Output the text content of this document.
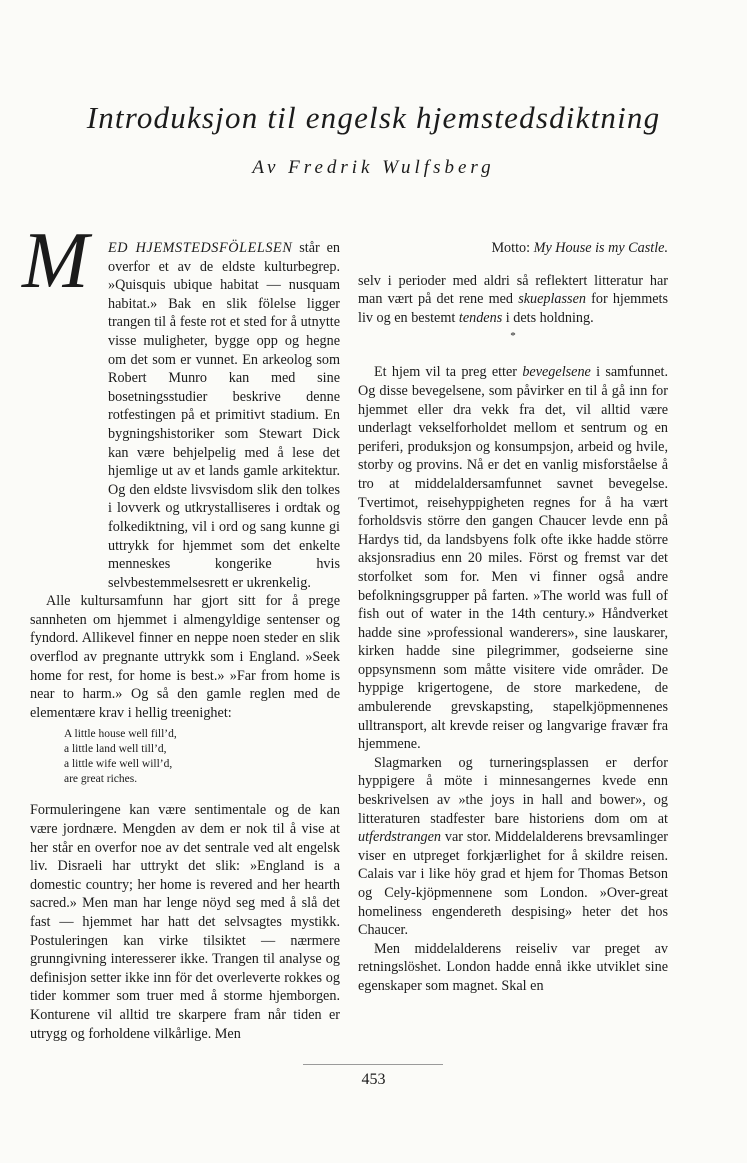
Introduksjon til engelsk hjemstedsdiktning
Av Fredrik Wulfsberg

M ED HJEMSTEDSFÖLELSEN står en overfor et av de eldste kulturbegrep. »Quisquis ubique habitat — nusquam habitat.» Bak en slik fölelse ligger trangen til å feste rot et sted for å utnytte visse muligheter, bygge opp og hegne om det som er vunnet. En arkeolog som Robert Munro kan med sine bosetningsstudier beskrive denne rotfestingen på et primitivt stadium. En bygningshistoriker som Stewart Dick kan være behjelpelig med å lese det hjemlige ut av et lands gamle arkitektur. Og den eldste livsvisdom slik den tolkes i lovverk og utkrystalliseres i ordtak og folkediktning, vil i ord og sang kunne gi uttrykk for hjemmet som det enkelte menneskes kongerike hvis selvbestemmelsesrett er ukrenkelig.

Alle kultursamfunn har gjort sitt for å prege sannheten om hjemmet i almengyldige sentenser og fyndord. Allikevel finner en neppe noen steder en slik overflod av pregnante uttrykk som i England. »Seek home for rest, for home is best.» »Far from home is near to harm.» Og så den gamle reglen med de elementære krav i hellig treenighet:

A little house well fill’d,
a little land well till’d,
a little wife well will’d,
are great riches.

Formuleringene kan være sentimentale og de kan være jordnære. Mengden av dem er nok til å vise at her står en overfor noe av det sentrale ved alt engelsk liv. Disraeli har uttrykt det slik: »England is a domestic country; her home is revered and her hearth sacred.» Men man har lenge nöyd seg med å slå det fast — hjemmet har hatt det selvsagtes mystikk. Postuleringen kan virke tilsiktet — nærmere grunngivning interesserer ikke. Trangen til analyse og definisjon setter ikke inn för det overleverte rokkes og tider kommer som truer med å storme hjemborgen. Konturene vil alltid tre skarpere fram når tiden er utrygg og forholdene vilkårlige. Men

Motto: My House is my Castle.

selv i perioder med aldri så reflektert litteratur har man vært på det rene med skueplassen for hjemmets liv og en bestemt tendens i dets holdning.

*

Et hjem vil ta preg etter bevegelsene i samfunnet. Og disse bevegelsene, som påvirker en til å gå inn for hjemmet eller dra vekk fra det, vil alltid være underlagt vekselforholdet mellom et sentrum og en periferi, produksjon og konsumpsjon, arbeid og hvile, storby og provins. Nå er det en vanlig misforståelse å tro at middelaldersamfunnet savnet bevegelse. Tvertimot, reisehyppigheten regnes for å ha vært forholdsvis större den gangen Chaucer levde enn på Hardys tid, da landsbyens folk ofte ikke hadde större aksjonsradius enn 20 miles. Först og fremst var det storfolket som for. Men vi finner også andre befolkningsgrupper på farten. »The world was full of fish out of water in the 14th century.» Håndverket hadde sine »professional wanderers», sine lauskarer, kirken hadde sine pilegrimmer, godseierne sine oppsynsmenn som måtte visitere vide områder. De hyppige krigertogene, de store markedene, de ambulerende grevskapsting, stapelkjöpmennenes ulltransport, alt krevde reiser og langvarige fravær fra hjemmene.

Slagmarken og turneringsplassen er derfor hyppigere å möte i minnesangernes kvede enn beskrivelsen av »the joys in hall and bower», og litteraturen stadfester bare historiens dom om at utferdstrangen var stor. Middelalderens brevsamlinger viser en utpreget forkjærlighet for å skildre reisen. Calais var i like höy grad et hjem for Thomas Betson og Cely-kjöpmennene som London. »Over-great homeliness engendereth despising» heter det hos Chaucer.

Men middelalderens reiseliv var preget av retningslöshet. London hadde ennå ikke utviklet sine egenskaper som magnet. Skal en

453
